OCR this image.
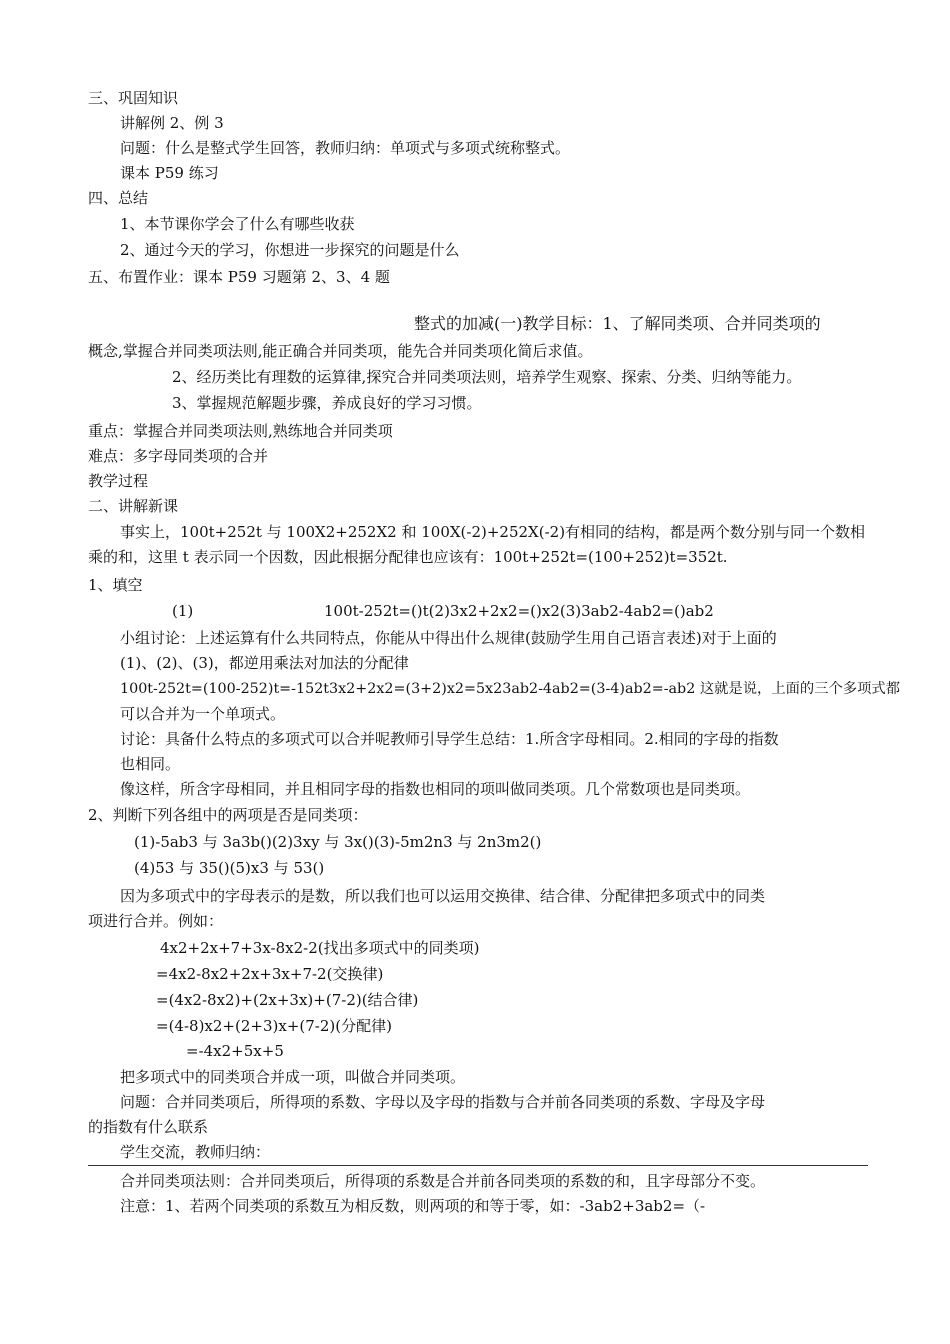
三、巩固知识
讲解例 2、例 3
问题：什么是整式学生回答，教师归纳：单项式与多项式统称整式。
课本 P59 练习
四、总结
1、本节课你学会了什么有哪些收获
2、通过今天的学习，你想进一步探究的问题是什么
五、布置作业：课本 P59 习题第 2、3、4 题
整式的加减(一)教学目标：1、了解同类项、合并同类项的
概念,掌握合并同类项法则,能正确合并同类项，能先合并同类项化简后求值。
2、经历类比有理数的运算律,探究合并同类项法则，培养学生观察、探索、分类、归纳等能力。
3、掌握规范解题步骤，养成良好的学习习惯。
重点：掌握合并同类项法则,熟练地合并同类项
难点：多字母同类项的合并
教学过程
二、讲解新课
事实上，100t+252t 与 100X2+252X2 和 100X(-2)+252X(-2)有相同的结构，都是两个数分别与同一个数相
乘的和，这里 t 表示同一个因数，因此根据分配律也应该有：100t+252t=(100+252)t=352t.
1、填空
(1)	100t-252t=()t(2)3x2+2x2=()x2(3)3ab2-4ab2=()ab2
小组讨论：上述运算有什么共同特点，你能从中得出什么规律(鼓励学生用自己语言表述)对于上面的
(1)、(2)、(3)，都逆用乘法对加法的分配律
100t-252t=(100-252)t=-152t3x2+2x2=(3+2)x2=5x23ab2-4ab2=(3-4)ab2=-ab2 这就是说，上面的三个多项式都
可以合并为一个单项式。
讨论：具备什么特点的多项式可以合并呢教师引导学生总结：1.所含字母相同。2.相同的字母的指数
也相同。
像这样，所含字母相同，并且相同字母的指数也相同的项叫做同类项。几个常数项也是同类项。
2、判断下列各组中的两项是否是同类项：
(1)-5ab3 与 3a3b()(2)3xy 与 3x()(3)-5m2n3 与 2n3m2()
(4)53 与 35()(5)x3 与 53()
因为多项式中的字母表示的是数，所以我们也可以运用交换律、结合律、分配律把多项式中的同类
项进行合并。例如：
4x2+2x+7+3x-8x2-2(找出多项式中的同类项)
=4x2-8x2+2x+3x+7-2(交换律)
=(4x2-8x2)+(2x+3x)+(7-2)(结合律)
=(4-8)x2+(2+3)x+(7-2)(分配律)
=-4x2+5x+5
把多项式中的同类项合并成一项，叫做合并同类项。
问题：合并同类项后，所得项的系数、字母以及字母的指数与合并前各同类项的系数、字母及字母
的指数有什么联系
学生交流，教师归纳：
合并同类项法则：合并同类项后，所得项的系数是合并前各同类项的系数的和，且字母部分不变。
注意：1、若两个同类项的系数互为相反数，则两项的和等于零，如：-3ab2+3ab2=（-
